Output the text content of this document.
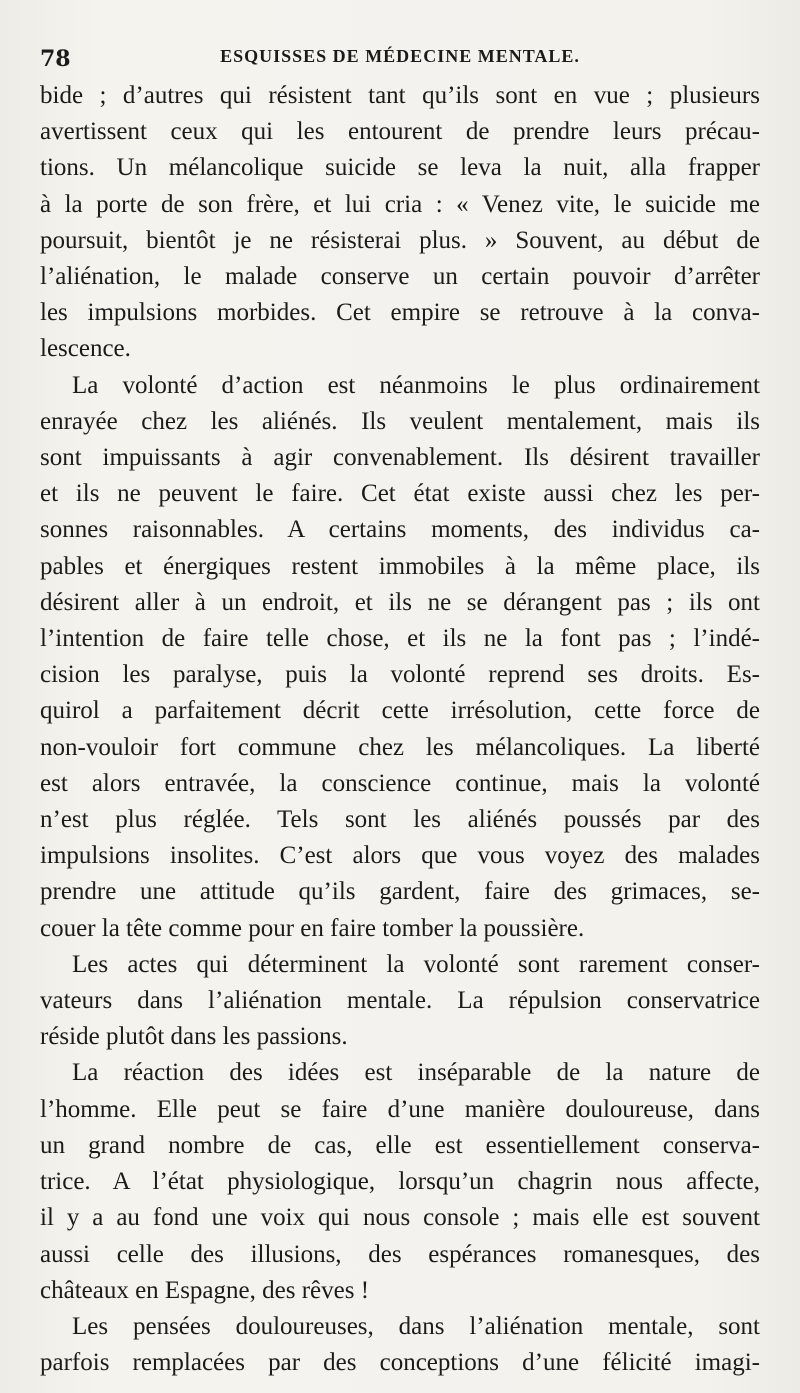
78	ESQUISSES DE MÉDECINE MENTALE.
bide ; d’autres qui résistent tant qu’ils sont en vue ; plusieurs
avertissent ceux qui les entourent de prendre leurs précau-
tions. Un mélancolique suicide se leva la nuit, alla frapper
à la porte de son frère, et lui cria : « Venez vite, le suicide me
poursuit, bientôt je ne résisterai plus. » Souvent, au début de
l’aliénation, le malade conserve un certain pouvoir d’arrêter
les impulsions morbides. Cet empire se retrouve à la conva-
lescence.
La volonté d’action est néanmoins le plus ordinairement
enrayée chez les aliénés. Ils veulent mentalement, mais ils
sont impuissants à agir convenablement. Ils désirent travailler
et ils ne peuvent le faire. Cet état existe aussi chez les per-
sonnes raisonnables. A certains moments, des individus ca-
pables et énergiques restent immobiles à la même place, ils
désirent aller à un endroit, et ils ne se dérangent pas ; ils ont
l’intention de faire telle chose, et ils ne la font pas ; l’indé-
cision les paralyse, puis la volonté reprend ses droits. Es-
quirol a parfaitement décrit cette irrésolution, cette force de
non-vouloir fort commune chez les mélancoliques. La liberté
est alors entravée, la conscience continue, mais la volonté
n’est plus réglée. Tels sont les aliénés poussés par des
impulsions insolites. C’est alors que vous voyez des malades
prendre une attitude qu’ils gardent, faire des grimaces, se-
couer la tête comme pour en faire tomber la poussière.
Les actes qui déterminent la volonté sont rarement conser-
vateurs dans l’aliénation mentale. La répulsion conservatrice
réside plutôt dans les passions.
La réaction des idées est inséparable de la nature de
l’homme. Elle peut se faire d’une manière douloureuse, dans
un grand nombre de cas, elle est essentiellement conserva-
trice. A l’état physiologique, lorsqu’un chagrin nous affecte,
il y a au fond une voix qui nous console ; mais elle est souvent
aussi celle des illusions, des espérances romanesques, des
châteaux en Espagne, des rêves !
Les pensées douloureuses, dans l’aliénation mentale, sont
parfois remplacées par des conceptions d’une félicité imagi-
